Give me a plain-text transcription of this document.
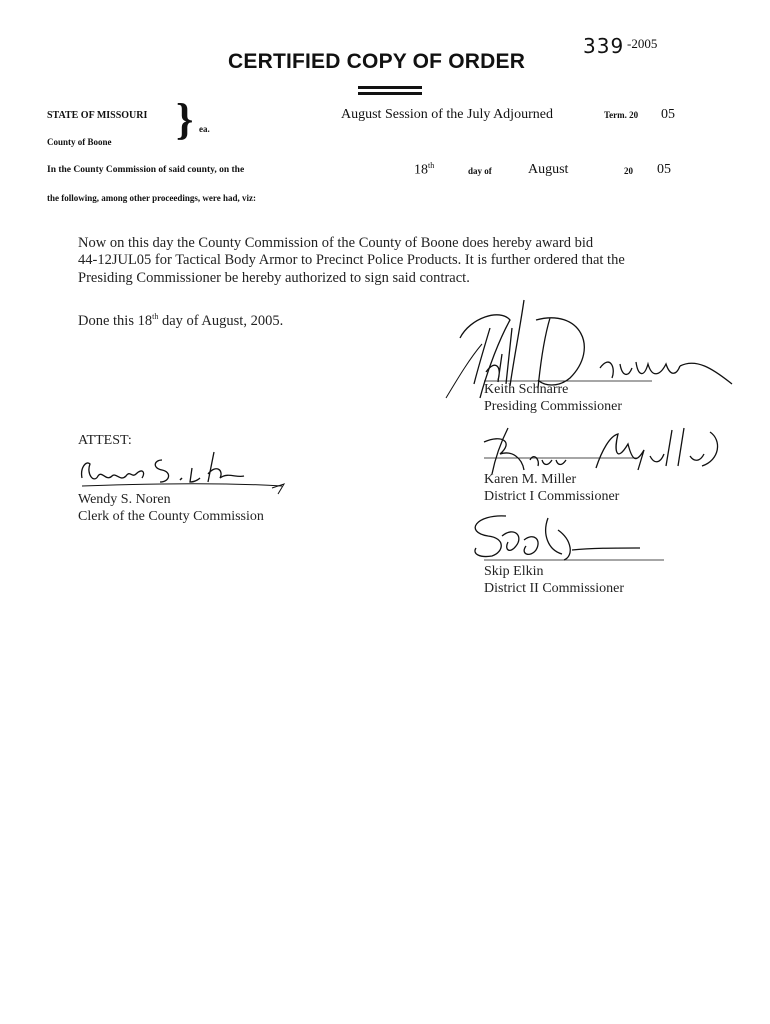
339 -2005
CERTIFIED COPY OF ORDER
STATE OF MISSOURI
County of Boone } ea.
August Session of the July Adjourned	Term. 20 05
In the County Commission of said county, on the	18th
day of	August	20 05
the following, among other proceedings, were had, viz:
Now on this day the County Commission of the County of Boone does hereby award bid
44-12JUL05 for Tactical Body Armor to Precinct Police Products. It is further ordered that the
Presiding Commissioner be hereby authorized to sign said contract.
Done this 18th day of August, 2005.
ATTEST:
Wendy S. Noren
Clerk of the County Commission
Keith Schnarre
Presiding Commissioner
Karen M. Miller
District I Commissioner
Skip Elkin
District II Commissioner
